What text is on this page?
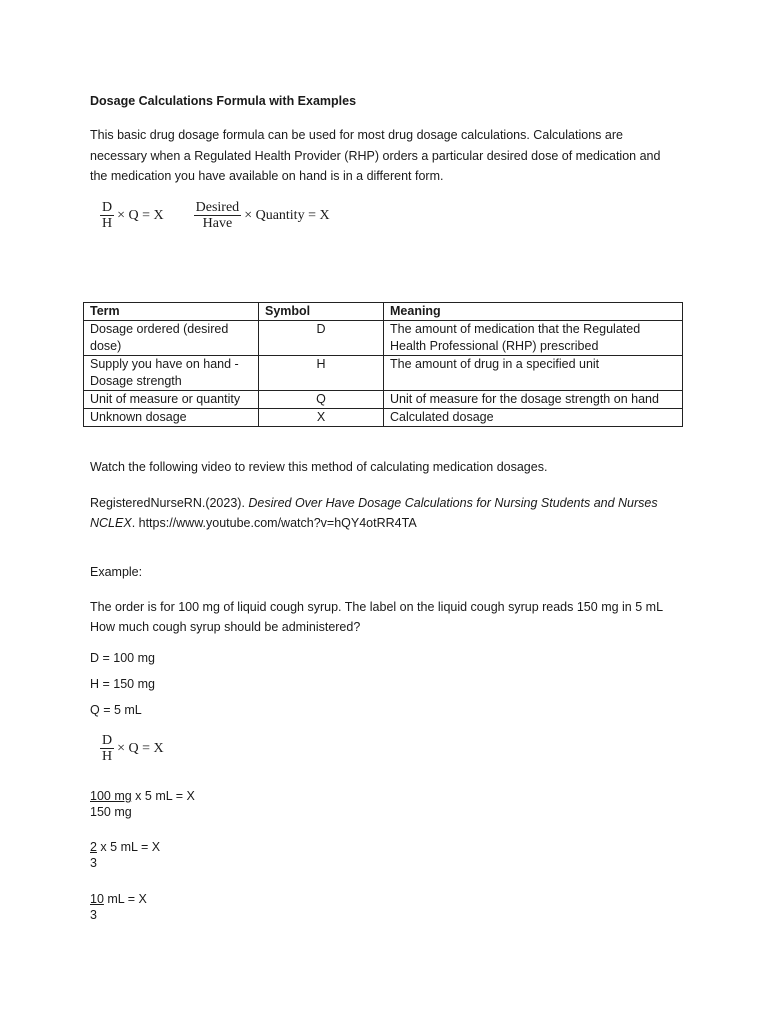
Dosage Calculations Formula with Examples
This basic drug dosage formula can be used for most drug dosage calculations. Calculations are necessary when a Regulated Health Provider (RHP) orders a particular desired dose of medication and the medication you have available on hand is in a different form.
$\frac{D}{H} \times Q = X \frac{\text{Desired}}{\text{Have}}$ × Quantity = X
Term	Symbol	Meaning
Dosage ordered (desired dose)	D	The amount of medication that the Regulated Health Professional (RHP) prescribed
Supply you have on hand - Dosage strength	H	The amount of drug in a specified unit
Unit of measure or quantity	Q	Unit of measure for the dosage strength on hand
Unknown dosage	X	Calculated dosage
Watch the following video to review this method of calculating medication dosages.
RegisteredNurseRN.(2023). Desired Over Have Dosage Calculations for Nursing Students and Nurses NCLEX. https://www.youtube.com/watch?v=hQY4otRR4TA
Example:
The order is for 100 mg of liquid cough syrup. The label on the liquid cough syrup reads 150 mg in 5 mL How much cough syrup should be administered?
D = 100 mg
H = 150 mg
Q = 5 mL
$\frac{D}{H} \times Q = X$
100 mg x 5 mL = X
150 mg
2 x 5 mL = X
3
10 mL = X
3
